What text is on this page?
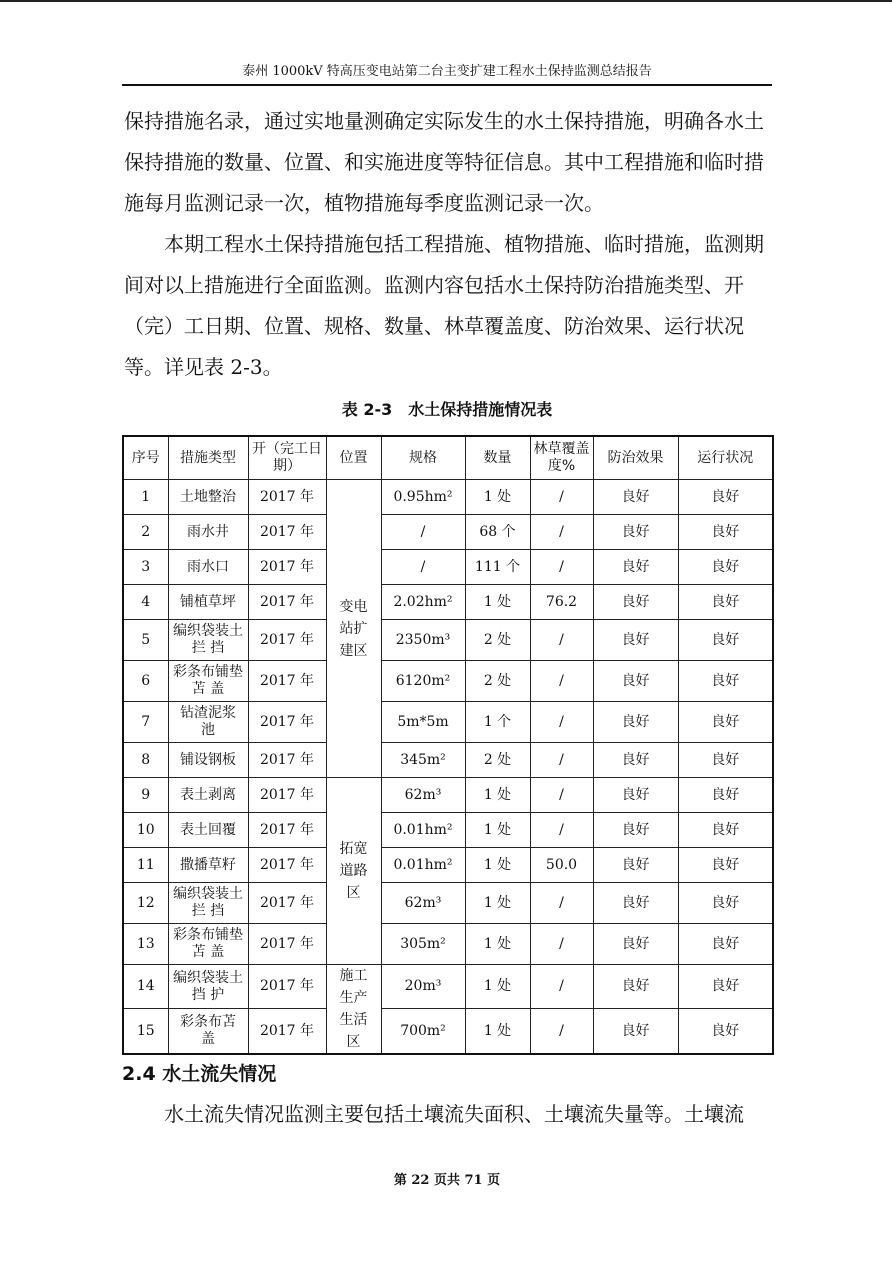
泰州 1000kV 特高压变电站第二台主变扩建工程水土保持监测总结报告

保持措施名录，通过实地量测确定实际发生的水土保持措施，明确各水土保持措施的数量、位置、和实施进度等特征信息。其中工程措施和临时措施每月监测记录一次，植物措施每季度监测记录一次。

本期工程水土保持措施包括工程措施、植物措施、临时措施，监测期间对以上措施进行全面监测。监测内容包括水土保持防治措施类型、开（完）工日期、位置、规格、数量、林草覆盖度、防治效果、运行状况等。详见表 2-3。

表 2-3　水土保持措施情况表
序号	措施类型	开（完工日期）	位置	规格	数量	林草覆盖度%	防治效果	运行状况
1	土地整治	2017 年	变电站扩建区	0.95hm²	1 处	/	良好	良好
2	雨水井	2017 年		/	68 个	/	良好	良好
3	雨水口	2017 年		/	111 个	/	良好	良好
4	铺植草坪	2017 年		2.02hm²	1 处	76.2	良好	良好
5	编织袋装土 拦 挡	2017 年		2350m³	2 处	/	良好	良好
6	彩条布铺垫 苫 盖	2017 年		6120m²	2 处	/	良好	良好
7	钻渣泥浆　池	2017 年		5m*5m	1 个	/	良好	良好
8	铺设钢板	2017 年		345m²	2 处	/	良好	良好
9	表土剥离	2017 年	拓宽道路区	62m³	1 处	/	良好	良好
10	表土回覆	2017 年		0.01hm²	1 处	/	良好	良好
11	撒播草籽	2017 年		0.01hm²	1 处	50.0	良好	良好
12	编织袋装土 拦 挡	2017 年		62m³	1 处	/	良好	良好
13	彩条布铺垫 苫 盖	2017 年		305m²	1 处	/	良好	良好
14	编织袋装土 挡 护	2017 年	施工生产生活区	20m³	1 处	/	良好	良好
15	彩条布苫　盖	2017 年		700m²	1 处	/	良好	良好
2.4 水土流失情况

水土流失情况监测主要包括土壤流失面积、土壤流失量等。土壤流

第 22 页共 71 页
